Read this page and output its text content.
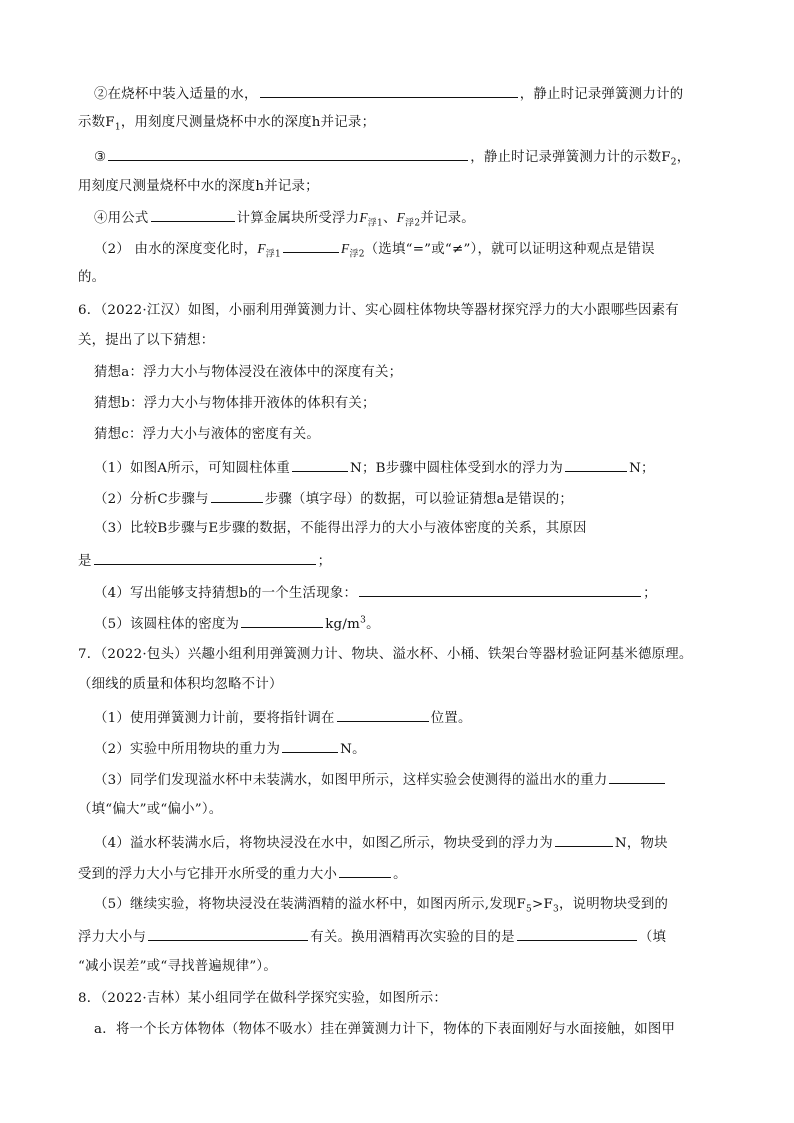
②在烧杯中装入适量的水，	，静止时记录弹簧测力计的
示数$F_1$，用刻度尺测量烧杯中水的深度h并记录；
③	，静止时记录弹簧测力计的示数$F_2$，
用刻度尺测量烧杯中水的深度h并记录；
④用公式	计算金属块所受浮力$F_{浮1}$、$F_{浮2}$并记录。
（2） 由水的深度变化时，$F_{浮1}$	$F_{浮2}$（选填“=”或“≠”），就可以证明这种观点是错误
的。
6．（2022·江汉）如图，小丽利用弹簧测力计、实心圆柱体物块等器材探究浮力的大小跟哪些因素有
关，提出了以下猜想：
猜想a：浮力大小与物体浸没在液体中的深度有关；
猜想b：浮力大小与物体排开液体的体积有关；
猜想c：浮力大小与液体的密度有关。
（1）如图A所示，可知圆柱体重	N；B步骤中圆柱体受到水的浮力为	N；
（2）分析C步骤与	步骤（填字母）的数据，可以验证猜想a是错误的；
（3）比较B步骤与E步骤的数据，不能得出浮力的大小与液体密度的关系，其原因
是	；
（4）写出能够支持猜想b的一个生活现象：	；
（5）该圆柱体的密度为	$kg/m^3$。
7．（2022·包头）兴趣小组利用弹簧测力计、物块、溢水杯、小桶、铁架台等器材验证阿基米德原理。
（细线的质量和体积均忽略不计）
（1）使用弹簧测力计前，要将指针调在	位置。
（2）实验中所用物块的重力为	N。
（3）同学们发现溢水杯中未装满水，如图甲所示，这样实验会使测得的溢出水的重力
（填“偏大”或“偏小”）。
（4）溢水杯装满水后，将物块浸没在水中，如图乙所示，物块受到的浮力为	N，物块
受到的浮力大小与它排开水所受的重力大小	。
（5）继续实验，将物块浸没在装满酒精的溢水杯中，如图丙所示,发现$F_5>F_3$，说明物块受到的
浮力大小与	有关。换用酒精再次实验的目的是	（填
“减小误差”或“寻找普遍规律”）。
8．（2022·吉林）某小组同学在做科学探究实验，如图所示：
a．将一个长方体物体（物体不吸水）挂在弹簧测力计下，物体的下表面刚好与水面接触，如图甲
